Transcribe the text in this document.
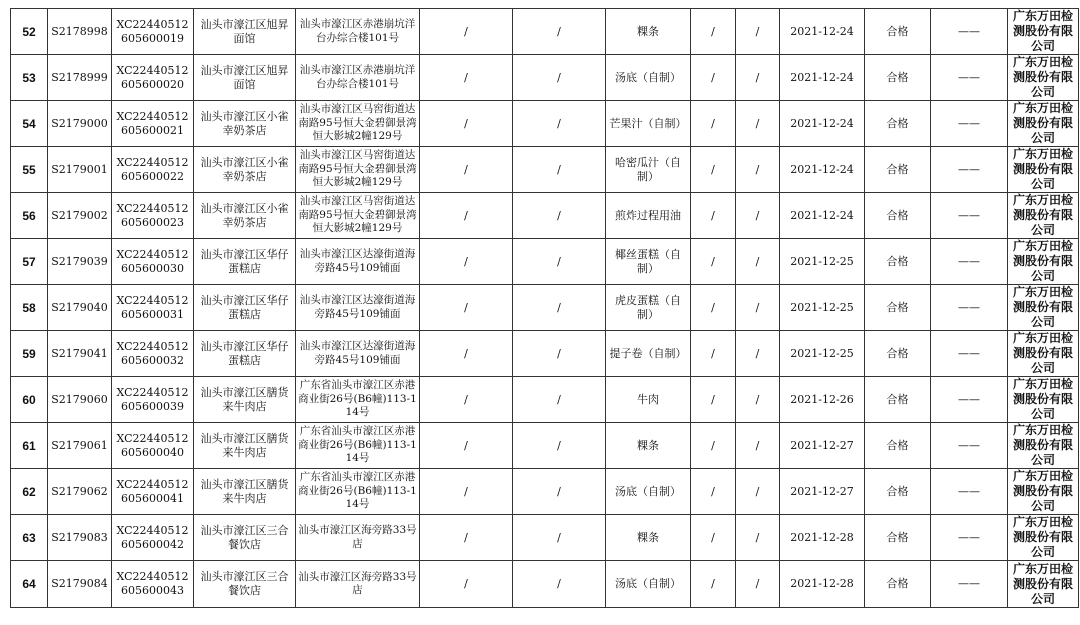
52	S2178998	XC22440512605600019	汕头市濠江区旭昇面馆	汕头市濠江区赤港崩坑洋台办综合楼101号	/	/	粿条	/	/	2021-12-24	合格	——	广东万田检测股份有限公司
53	S2178999	XC22440512605600020	汕头市濠江区旭昇面馆	汕头市濠江区赤港崩坑洋台办综合楼101号	/	/	汤底（自制）	/	/	2021-12-24	合格	——	广东万田检测股份有限公司
54	S2179000	XC22440512605600021	汕头市濠江区小雀幸奶茶店	汕头市濠江区马窖街道达南路95号恒大金碧御景湾恒大影城2幢129号	/	/	芒果汁（自制）	/	/	2021-12-24	合格	——	广东万田检测股份有限公司
55	S2179001	XC22440512605600022	汕头市濠江区小雀幸奶茶店	汕头市濠江区马窖街道达南路95号恒大金碧御景湾恒大影城2幢129号	/	/	哈密瓜汁（自制）	/	/	2021-12-24	合格	——	广东万田检测股份有限公司
56	S2179002	XC22440512605600023	汕头市濠江区小雀幸奶茶店	汕头市濠江区马窖街道达南路95号恒大金碧御景湾恒大影城2幢129号	/	/	煎炸过程用油	/	/	2021-12-24	合格	——	广东万田检测股份有限公司
57	S2179039	XC22440512605600030	汕头市濠江区华仔蛋糕店	汕头市濠江区达濠街道海旁路45号109铺面	/	/	椰丝蛋糕（自制）	/	/	2021-12-25	合格	——	广东万田检测股份有限公司
58	S2179040	XC22440512605600031	汕头市濠江区华仔蛋糕店	汕头市濠江区达濠街道海旁路45号109铺面	/	/	虎皮蛋糕（自制）	/	/	2021-12-25	合格	——	广东万田检测股份有限公司
59	S2179041	XC22440512605600032	汕头市濠江区华仔蛋糕店	汕头市濠江区达濠街道海旁路45号109铺面	/	/	提子卷（自制）	/	/	2021-12-25	合格	——	广东万田检测股份有限公司
60	S2179060	XC22440512605600039	汕头市濠江区膳货来牛肉店	广东省汕头市濠江区赤港商业街26号(B6幢)113-114号	/	/	牛肉	/	/	2021-12-26	合格	——	广东万田检测股份有限公司
61	S2179061	XC22440512605600040	汕头市濠江区膳货来牛肉店	广东省汕头市濠江区赤港商业街26号(B6幢)113-114号	/	/	粿条	/	/	2021-12-27	合格	——	广东万田检测股份有限公司
62	S2179062	XC22440512605600041	汕头市濠江区膳货来牛肉店	广东省汕头市濠江区赤港商业街26号(B6幢)113-114号	/	/	汤底（自制）	/	/	2021-12-27	合格	——	广东万田检测股份有限公司
63	S2179083	XC22440512605600042	汕头市濠江区三合餐饮店	汕头市濠江区海旁路33号店	/	/	粿条	/	/	2021-12-28	合格	——	广东万田检测股份有限公司
64	S2179084	XC22440512605600043	汕头市濠江区三合餐饮店	汕头市濠江区海旁路33号店	/	/	汤底（自制）	/	/	2021-12-28	合格	——	广东万田检测股份有限公司
